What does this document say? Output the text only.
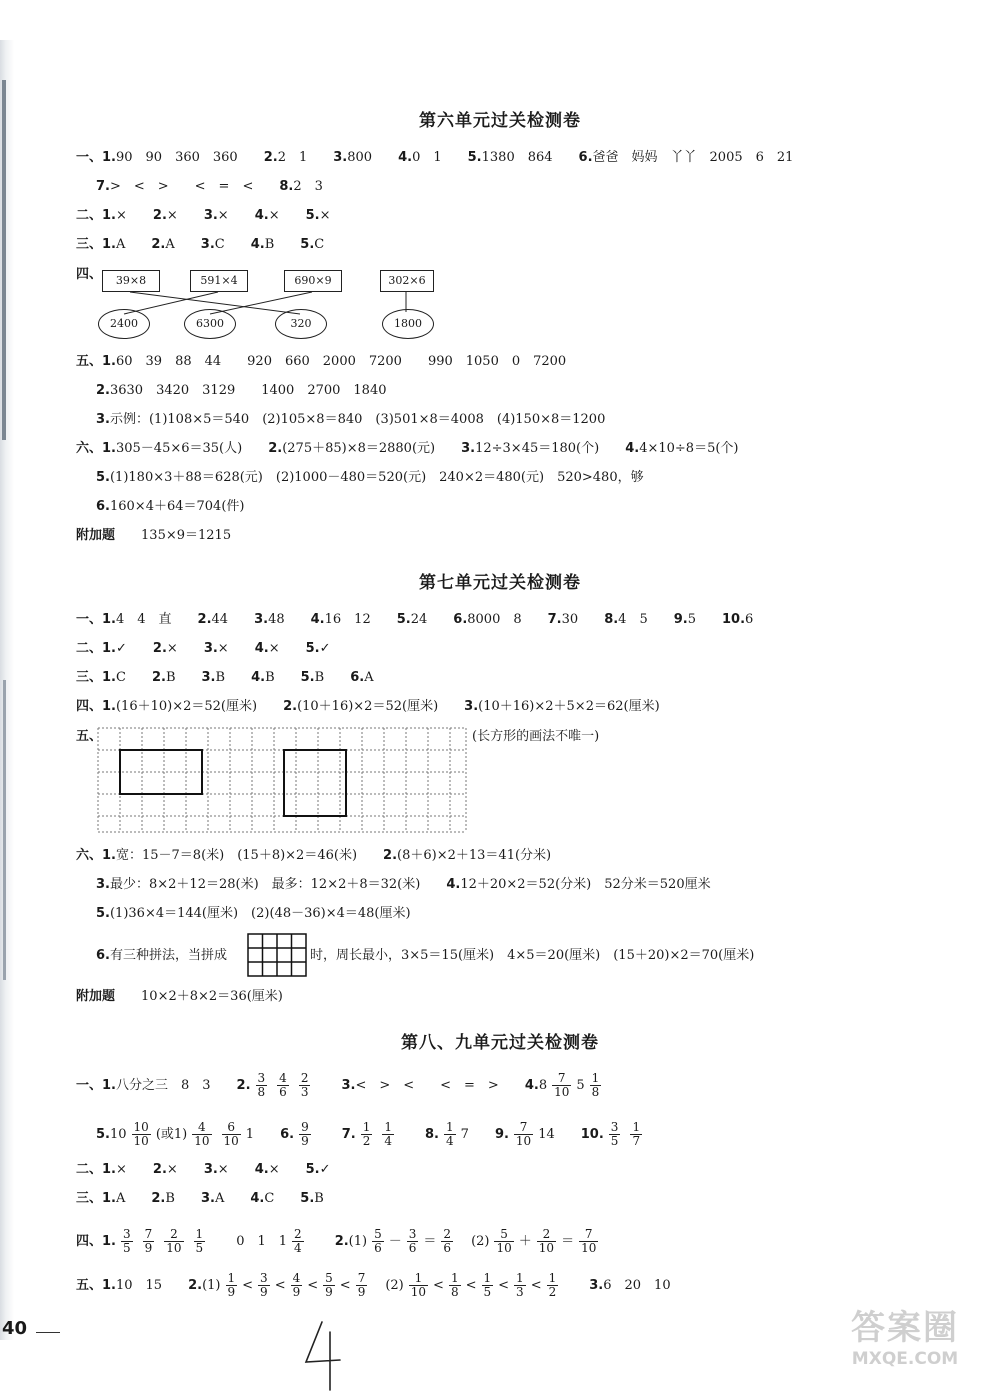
第六单元过关检测卷
一、1.90　90　360　360　　 2.2　1　　 3.800　　 4.0　1　　 5.1380　864　　 6.爸爸　妈妈　丫丫　2005　6　21
7.>　<　>　　<　=　<　　 8.2　3
二、1.×　　 2.×　　 3.×　　 4.×　　 5.×
三、1.A　　 2.A　　 3.C　　 4.B　　 5.C
四、	39×8	591×4	690×9	302×6
2400	6300	320	1800
五、1.60　39　88　44　　920　660　2000　7200　　990　1050　0　7200
2.3630　3420　3129　　1400　2700　1840
3.示例：(1)108×5＝540　(2)105×8＝840　(3)501×8＝4008　(4)150×8＝1200
六、1.305－45×6＝35(人)　　 2.(275＋85)×8＝2880(元)　　 3.12÷3×45＝180(个)　　 4.4×10÷8＝5(个)
5.(1)180×3＋88＝628(元)　(2)1000－480＝520(元)　240×2＝480(元)　520>480，够
6.160×4＋64＝704(件)
附加题　　 135×9＝1215
第七单元过关检测卷
一、1.4　4　直　　 2.44　　 3.48　　 4.16　12　　 5.24　　 6.8000　8　　 7.30　　 8.4　5　　 9.5　　 10.6
二、1.✓　　 2.×　　 3.×　　 4.×　　 5.✓
三、1.C　　 2.B　　 3.B　　 4.B　　 5.B　　 6.A
四、1.(16＋10)×2＝52(厘米)　　 2.(10＋16)×2＝52(厘米)　　 3.(10＋16)×2＋5×2＝62(厘米)
五、	(长方形的画法不唯一)
六、1.宽：15－7＝8(米)　(15＋8)×2＝46(米)　　 2.(8＋6)×2＋13＝41(分米)
3.最少：8×2＋12＝28(米)　最多：12×2＋8＝32(米)　　 4.12＋20×2＝52(分米)　52分米＝520厘米
5.(1)36×4＝144(厘米)　(2)(48－36)×4＝48(厘米)
6.有三种拼法，当拼成	时，周长最小，3×5＝15(厘米)　4×5＝20(厘米)　(15＋20)×2＝70(厘米)
附加题　　 10×2＋8×2＝36(厘米)
第八、九单元过关检测卷
一、1.八分之三　8　3　　 2. $\frac{3}{8} \frac{4}{6} \frac{2}{3}$
　　 3.<　>　<　　<　=　>　　 $4.8 \frac{7}{10} 5 \frac{1}{8}$
$5.10 \frac{10}{10}$ (或$1) \frac{4}{10} \frac{6}{10} 1$　　 6. $\frac{9}{9}$
　　 7. $\frac{1}{2} \frac{1}{4}$
　　 8. $\frac{1}{4} 7$　　 9. $\frac{7}{10} 14$　　 10. $\frac{3}{5} \frac{1}{7}$
二、1.×　　 2.×　　 3.×　　 4.×　　 5.✓
三、1.A　　 2.B　　 3.A　　 4.C　　 5.B
四、1. $\frac{3}{5} \frac{7}{9} \frac{2}{10} \frac{1}{5}$
　　 0　1　$1 \frac{2}{4}$
　　 $2.(1) \frac{5}{6} - \frac{3}{6} = \frac{2}{6}$
　 $(2) \frac{5}{10} + \frac{2}{10} = \frac{7}{10}$
五、1.10　15　　 $2.(1) \frac{1}{9} < \frac{3}{9} < \frac{4}{9} < \frac{5}{9} < \frac{7}{9}$
　 $(2) \frac{1}{10} < \frac{1}{8} < \frac{1}{5} < \frac{1}{3} < \frac{1}{2}$
　　 3.6　20　10
40	答案圈
MXQE.COM
